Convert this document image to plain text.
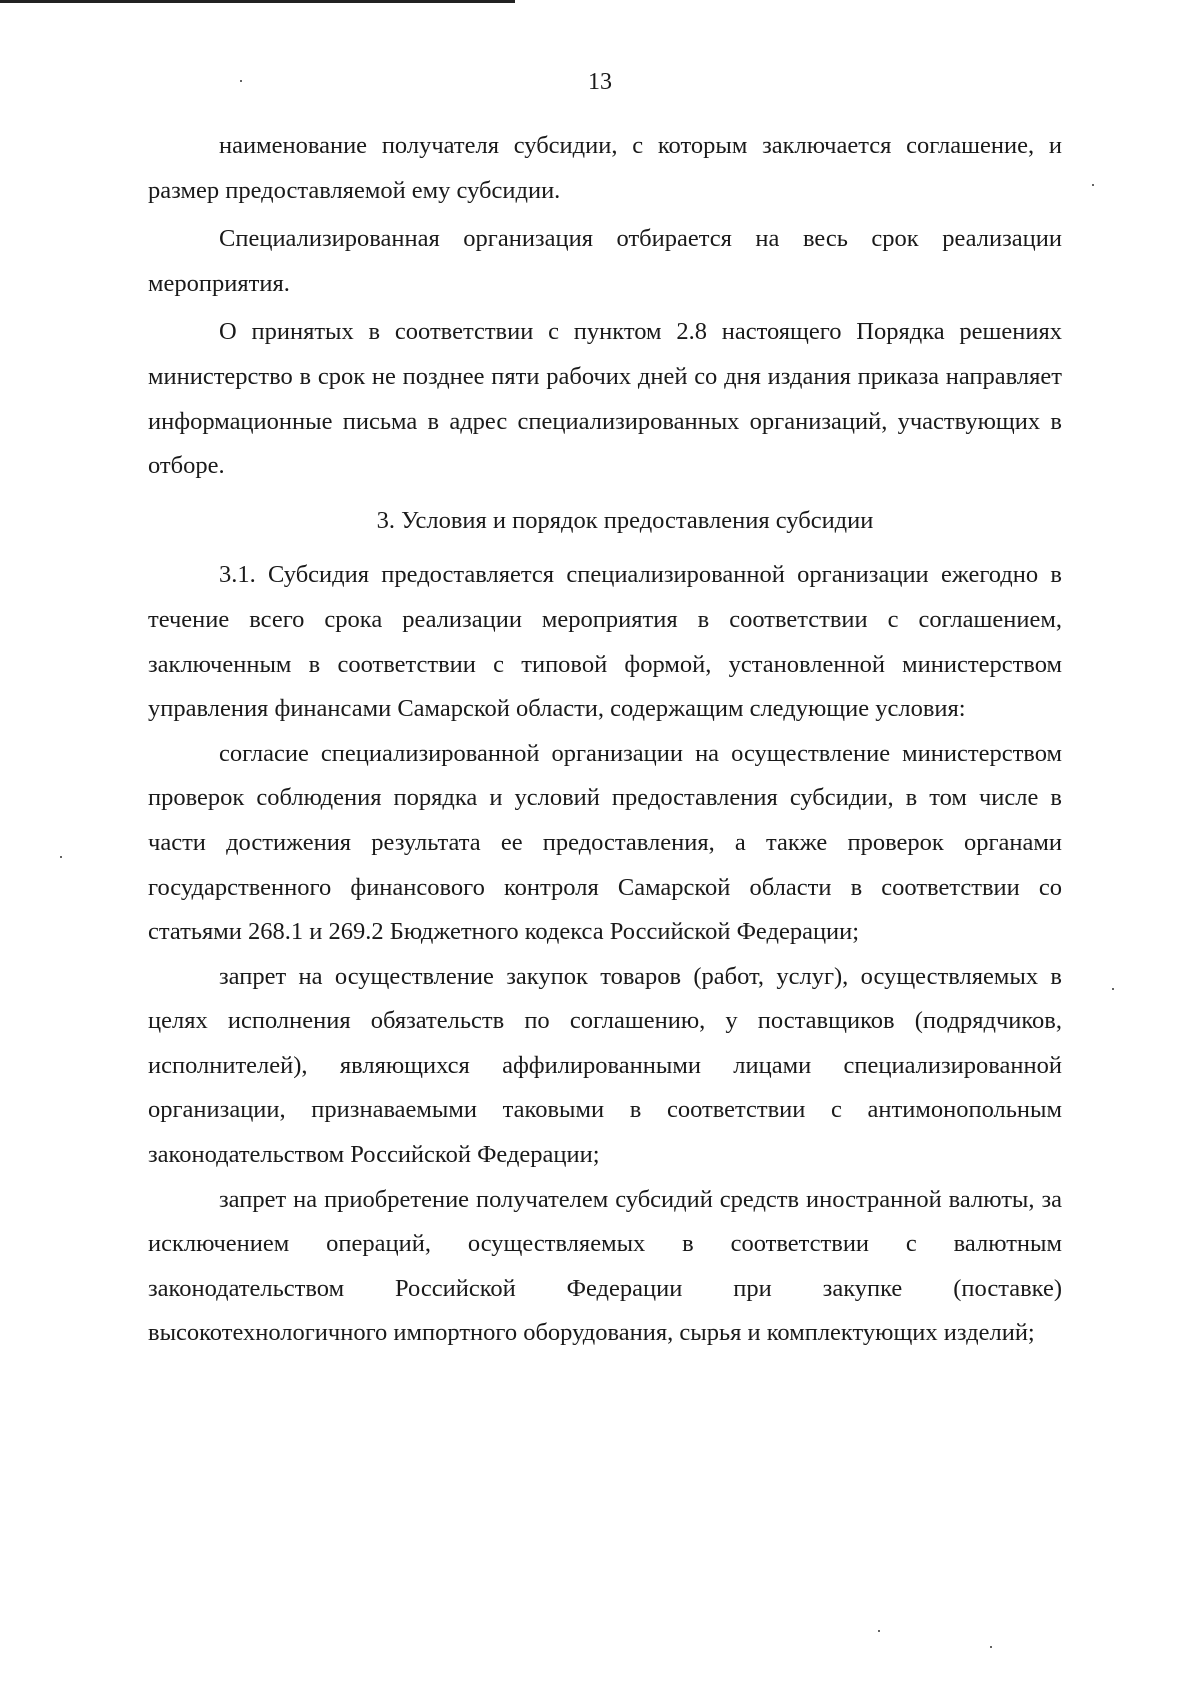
13

наименование получателя субсидии, с которым заключается соглашение, и размер предоставляемой ему субсидии.

Специализированная организация отбирается на весь срок реализации мероприятия.

О принятых в соответствии с пунктом 2.8 настоящего Порядка решениях министерство в срок не позднее пяти рабочих дней со дня издания приказа направляет информационные письма в адрес специализированных организаций, участвующих в отборе.

3. Условия и порядок предоставления субсидии

3.1. Субсидия предоставляется специализированной организации ежегодно в течение всего срока реализации мероприятия в соответствии с соглашением, заключенным в соответствии с типовой формой, установленной министерством управления финансами Самарской области, содержащим следующие условия:

согласие специализированной организации на осуществление министерством проверок соблюдения порядка и условий предоставления субсидии, в том числе в части достижения результата ее предоставления, а также проверок органами государственного финансового контроля Самарской области в соответствии со статьями 268.1 и 269.2 Бюджетного кодекса Российской Федерации;

запрет на осуществление закупок товаров (работ, услуг), осуществляемых в целях исполнения обязательств по соглашению, у поставщиков (подрядчиков, исполнителей), являющихся аффилированными лицами специализированной организации, признаваемыми таковыми в соответствии с антимонопольным законодательством Российской Федерации;

запрет на приобретение получателем субсидий средств иностранной валюты, за исключением операций, осуществляемых в соответствии с валютным законодательством Российской Федерации при закупке (поставке) высокотехнологичного импортного оборудования, сырья и комплектующих изделий;
